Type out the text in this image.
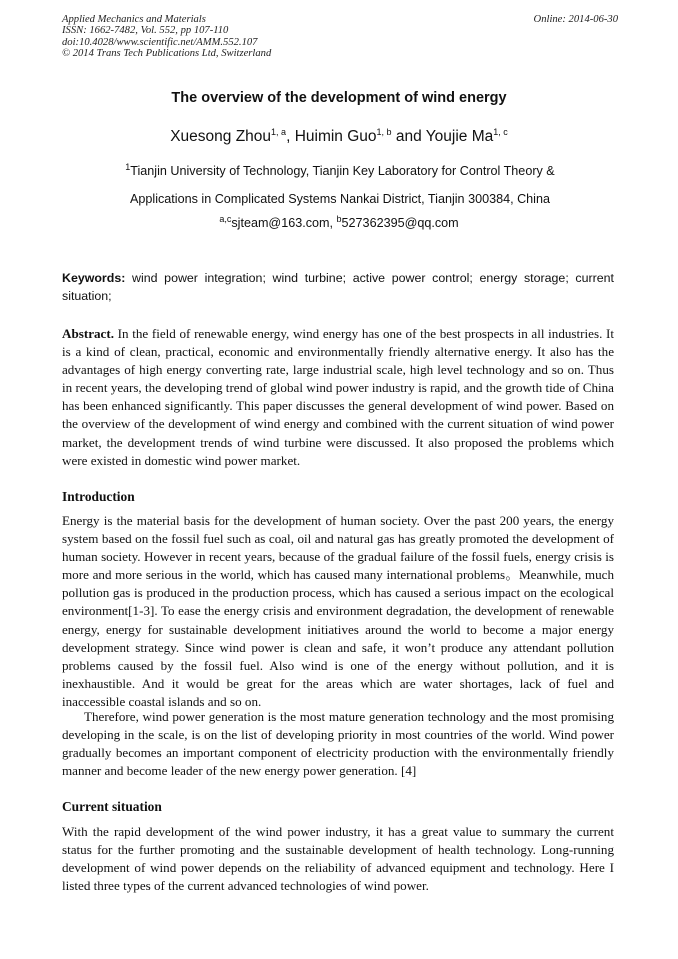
Applied Mechanics and Materials
ISSN: 1662-7482, Vol. 552, pp 107-110
doi:10.4028/www.scientific.net/AMM.552.107
© 2014 Trans Tech Publications Ltd, Switzerland
Online: 2014-06-30
The overview of the development of wind energy
Xuesong Zhou$^{1, a}$, Huimin Guo$^{1, b}$ and Youjie Ma$^{1, c}$
$^1$Tianjin University of Technology, Tianjin Key Laboratory for Control Theory &
Applications in Complicated Systems Nankai District, Tianjin 300384, China
$^{a,c}$sjteam@163.com, $^b$527362395@qq.com
Keywords: wind power integration; wind turbine; active power control; energy storage; current situation;
Abstract. In the field of renewable energy, wind energy has one of the best prospects in all industries. It is a kind of clean, practical, economic and environmentally friendly alternative energy. It also has the advantages of high energy converting rate, large industrial scale, high level technology and so on. Thus in recent years, the developing trend of global wind power industry is rapid, and the growth tide of China has been enhanced significantly. This paper discusses the general development of wind power. Based on the overview of the development of wind energy and combined with the current situation of wind power market, the development trends of wind turbine were discussed. It also proposed the problems which were existed in domestic wind power market.
Introduction
Energy is the material basis for the development of human society. Over the past 200 years, the energy system based on the fossil fuel such as coal, oil and natural gas has greatly promoted the development of human society. However in recent years, because of the gradual failure of the fossil fuels, energy crisis is more and more serious in the world, which has caused many international problems。Meanwhile, much pollution gas is produced in the production process, which has caused a serious impact on the ecological environment[1-3]. To ease the energy crisis and environment degradation, the development of renewable energy, energy for sustainable development initiatives around the world to become a major energy development strategy. Since wind power is clean and safe, it won’t produce any attendant pollution problems caused by the fossil fuel. Also wind is one of the energy without pollution, and it is inexhaustible. And it would be great for the areas which are water shortages, lack of fuel and inaccessible coastal islands and so on.
Therefore, wind power generation is the most mature generation technology and the most promising developing in the scale, is on the list of developing priority in most countries of the world. Wind power gradually becomes an important component of electricity production with the environmentally friendly manner and become leader of the new energy power generation. [4]
Current situation
With the rapid development of the wind power industry, it has a great value to summary the current status for the further promoting and the sustainable development of health technology. Long-running development of wind power depends on the reliability of advanced equipment and technology. Here I listed three types of the current advanced technologies of wind power.
